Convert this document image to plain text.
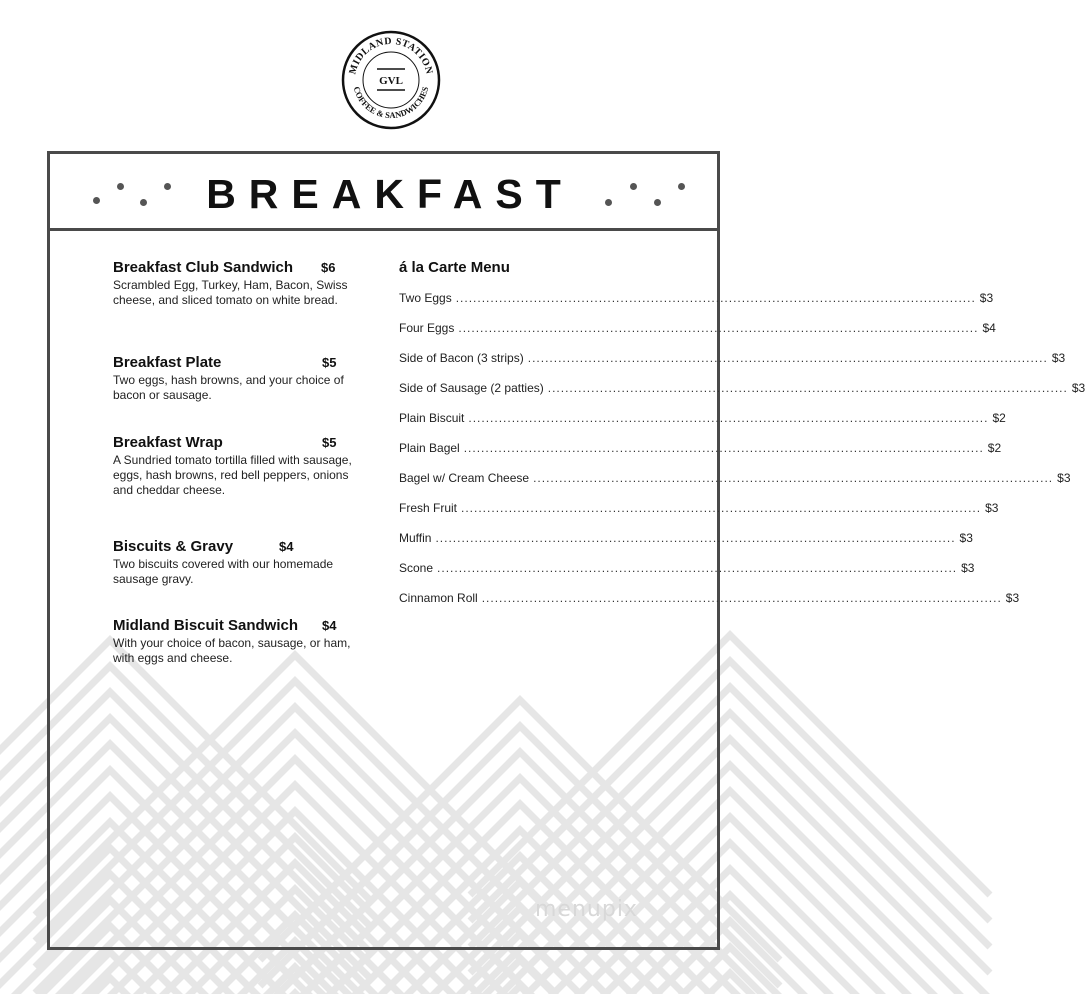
MIDLAND STATION
COFFEE & SANDWICHES
GVL
BREAKFAST
Breakfast Club Sandwich	$6
Scrambled Egg, Turkey, Ham, Bacon, Swiss cheese, and sliced tomato on white bread.
Breakfast Plate	$5
Two eggs, hash browns, and your choice of bacon or sausage.
Breakfast Wrap	$5
A Sundried tomato tortilla filled with sausage, eggs, hash browns, red bell peppers, onions and cheddar cheese.
Biscuits & Gravy	$4
Two biscuits covered with our homemade sausage gravy.
Midland Biscuit Sandwich	$4
With your choice of bacon, sausage, or ham, with eggs and cheese.
á la Carte Menu
Two Eggs ........................................................................................................................ $3
Four Eggs ........................................................................................................................ $4
Side of Bacon (3 strips) ........................................................................................................................ $3
Side of Sausage (2 patties) ........................................................................................................................ $3
Plain Biscuit ........................................................................................................................ $2
Plain Bagel ........................................................................................................................ $2
Bagel w/ Cream Cheese ........................................................................................................................ $3
Fresh Fruit ........................................................................................................................ $3
Muffin ........................................................................................................................ $3
Scone ........................................................................................................................ $3
Cinnamon Roll ........................................................................................................................ $3
menupix
